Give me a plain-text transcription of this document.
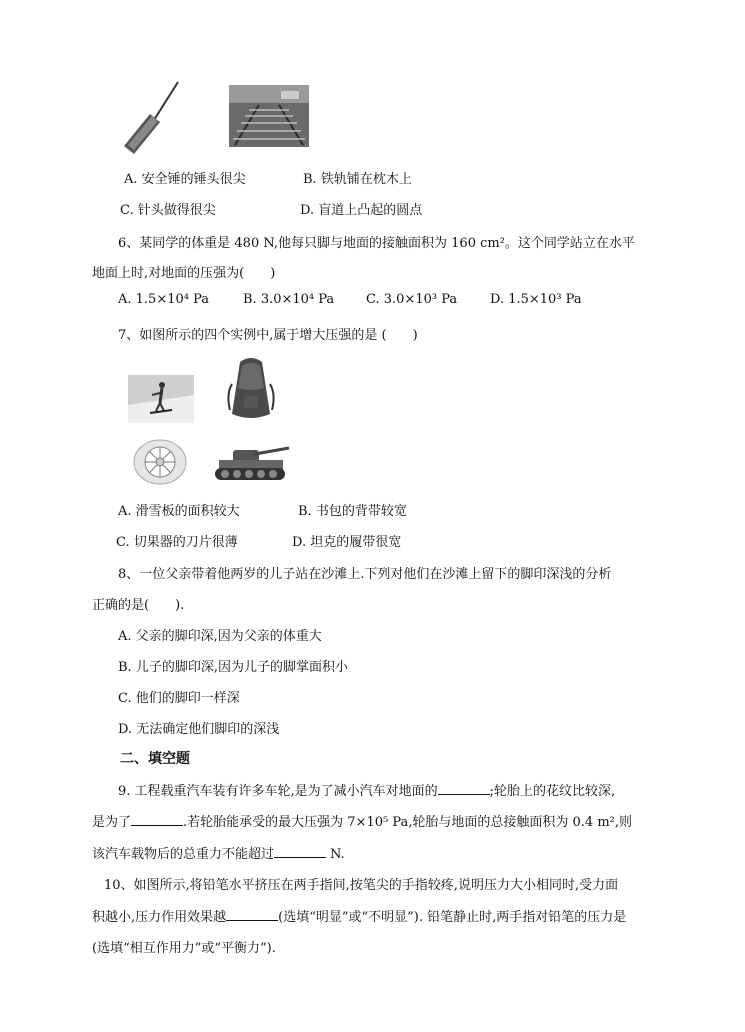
A. 安全锤的锤头很尖	B. 铁轨铺在枕木上
C. 针头做得很尖	D. 盲道上凸起的圆点
6、某同学的体重是 480 N,他每只脚与地面的接触面积为 160 cm²。这个同学站立在水平
地面上时,对地面的压强为(　　)
A. 1.5×10⁴ Pa	B. 3.0×10⁴ Pa C. 3.0×10³ Pa	D. 1.5×10³ Pa
7、如图所示的四个实例中,属于增大压强的是 (　　)
A. 滑雪板的面积较大	B. 书包的背带较宽
C. 切果器的刀片很薄	D. 坦克的履带很宽
8、一位父亲带着他两岁的儿子站在沙滩上.下列对他们在沙滩上留下的脚印深浅的分析
正确的是(　　).
A. 父亲的脚印深,因为父亲的体重大
B. 儿子的脚印深,因为儿子的脚掌面积小
C. 他们的脚印一样深
D. 无法确定他们脚印的深浅
二、填空题
9. 工程载重汽车装有许多车轮,是为了减小汽车对地面的	;轮胎上的花纹比较深,
是为了	.若轮胎能承受的最大压强为 7×10⁵ Pa,轮胎与地面的总接触面积为 0.4 m²,则
该汽车载物后的总重力不能超过	N.
10、如图所示,将铅笔水平挤压在两手指间,按笔尖的手指较疼,说明压力大小相同时,受力面
积越小,压力作用效果越	(选填“明显”或“不明显”). 铅笔静止时,两手指对铅笔的压力是
(选填“相互作用力”或“平衡力”).
